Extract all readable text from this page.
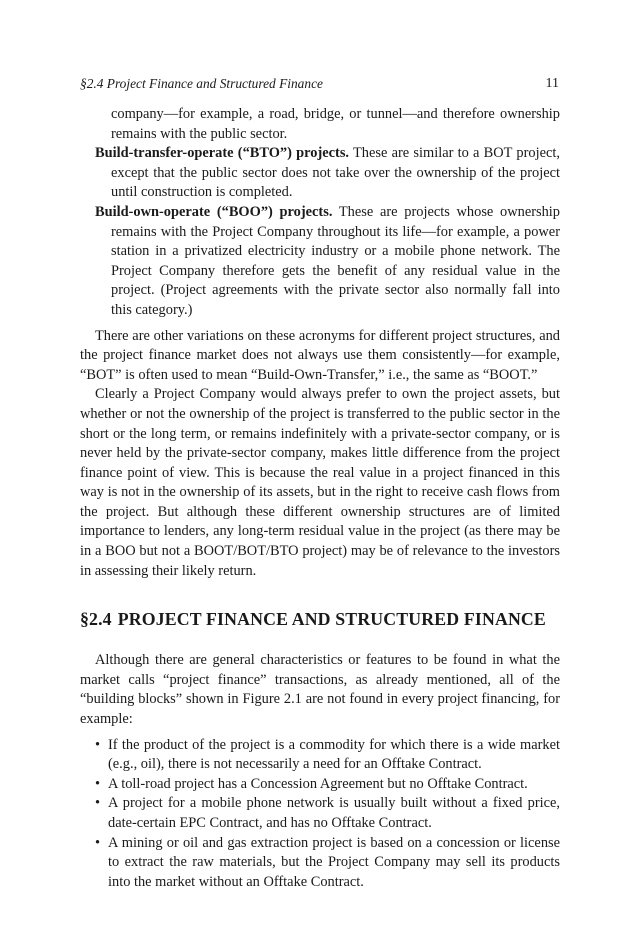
§2.4 Project Finance and Structured Finance	11

company—for example, a road, bridge, or tunnel—and therefore ownership remains with the public sector.

Build-transfer-operate (“BTO”) projects. These are similar to a BOT project, except that the public sector does not take over the ownership of the project until construction is completed.

Build-own-operate (“BOO”) projects. These are projects whose ownership remains with the Project Company throughout its life—for example, a power station in a privatized electricity industry or a mobile phone network. The Project Company therefore gets the benefit of any residual value in the project. (Project agreements with the private sector also normally fall into this category.)

There are other variations on these acronyms for different project structures, and the project finance market does not always use them consistently—for example, “BOT” is often used to mean “Build-Own-Transfer,” i.e., the same as “BOOT.”

Clearly a Project Company would always prefer to own the project assets, but whether or not the ownership of the project is transferred to the public sector in the short or the long term, or remains indefinitely with a private-sector company, or is never held by the private-sector company, makes little difference from the project finance point of view. This is because the real value in a project financed in this way is not in the ownership of its assets, but in the right to receive cash flows from the project. But although these different ownership structures are of limited importance to lenders, any long-term residual value in the project (as there may be in a BOO but not a BOOT/BOT/BTO project) may be of relevance to the investors in assessing their likely return.

§2.4 PROJECT FINANCE AND STRUCTURED FINANCE

Although there are general characteristics or features to be found in what the market calls “project finance” transactions, as already mentioned, all of the “building blocks” shown in Figure 2.1 are not found in every project financing, for example:

• If the product of the project is a commodity for which there is a wide market (e.g., oil), there is not necessarily a need for an Offtake Contract.
• A toll-road project has a Concession Agreement but no Offtake Contract.
• A project for a mobile phone network is usually built without a fixed price, date-certain EPC Contract, and has no Offtake Contract.
• A mining or oil and gas extraction project is based on a concession or license to extract the raw materials, but the Project Company may sell its products into the market without an Offtake Contract.
